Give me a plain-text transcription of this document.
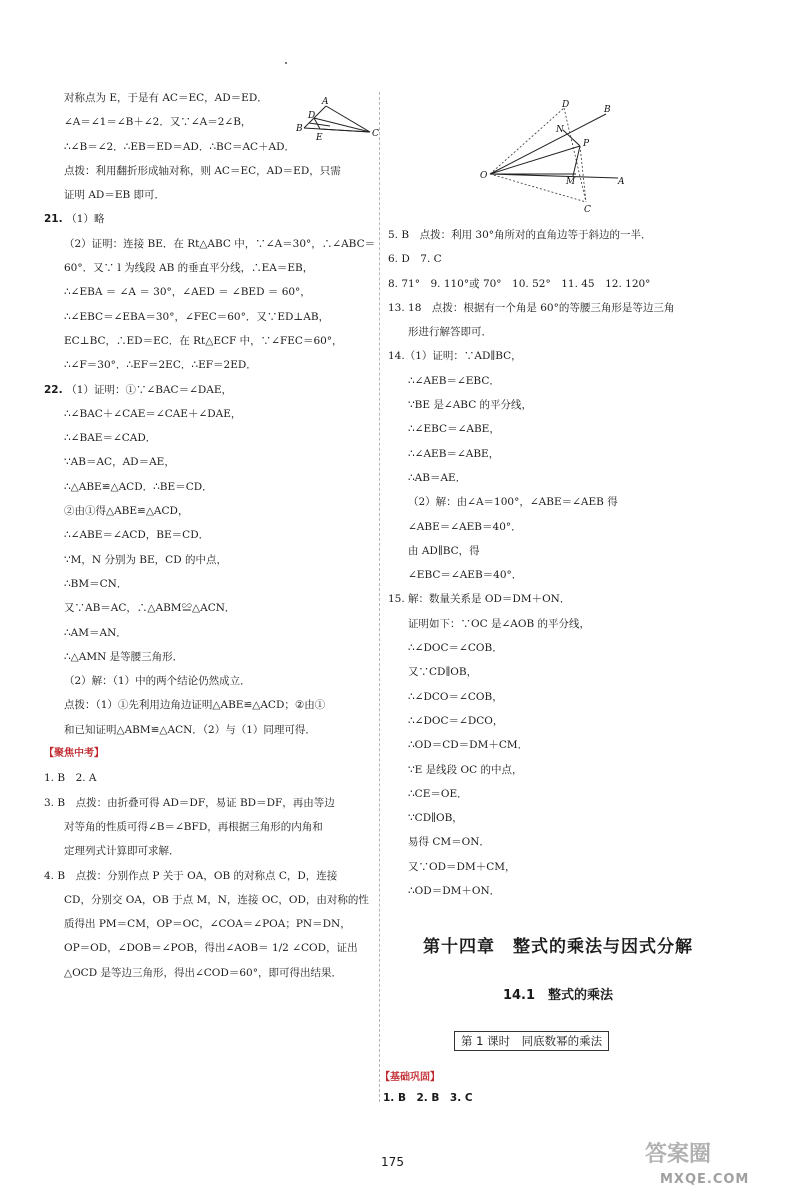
对称点为 E，于是有 AC＝EC，AD＝ED．
∠A＝∠1＝∠B＋∠2．又∵∠A＝2∠B，
∴∠B＝∠2．∴EB＝ED＝AD．∴BC＝AC＋AD．
点拨：利用翻折形成轴对称，则 AC＝EC，AD＝ED，只需
证明 AD＝EB 即可．
21. （1）略
（2）证明：连接 BE．在 Rt△ABC 中，∵∠A＝30°，∴∠ABC＝
60°．又∵ l 为线段 AB 的垂直平分线，∴EA＝EB，
∴∠EBA ＝ ∠A ＝ 30°，∠AED ＝ ∠BED ＝ 60°，
∴∠EBC＝∠EBA＝30°，∠FEC＝60°．又∵ED⊥AB，
EC⊥BC，∴ED＝EC．在 Rt△ECF 中，∵∠FEC＝60°，
∴∠F＝30°．∴EF＝2EC．∴EF＝2ED．
22. （1）证明：①∵∠BAC＝∠DAE，
∴∠BAC＋∠CAE＝∠CAE＋∠DAE，
∴∠BAE＝∠CAD．
∵AB＝AC，AD＝AE，
∴△ABE≌△ACD．∴BE＝CD．
②由①得△ABE≌△ACD，
∴∠ABE＝∠ACD，BE＝CD．
∵M，N 分别为 BE，CD 的中点，
∴BM＝CN．
又∵AB＝AC，∴△ABM≌△ACN．
∴AM＝AN．
∴△AMN 是等腰三角形．
（2）解：（1）中的两个结论仍然成立．
点拨：（1）①先利用边角边证明△ABE≌△ACD；②由①
和已知证明△ABM≌△ACN．（2）与（1）同理可得．
【聚焦中考】
1. B　2. A
3. B　点拨：由折叠可得 AD＝DF，易证 BD＝DF，再由等边
对等角的性质可得∠B＝∠BFD，再根据三角形的内角和
定理列式计算即可求解．
4. B　点拨：分别作点 P 关于 OA，OB 的对称点 C，D，连接
CD，分别交 OA，OB 于点 M，N，连接 OC，OD，由对称的性
质得出 PM＝CM，OP＝OC，∠COA＝∠POA；PN＝DN，
OP＝OD，∠DOB＝∠POB，得出∠AOB＝ 1/2 ∠COD，证出
△OCD 是等边三角形，得出∠COD＝60°，即可得出结果．
5. B　点拨：利用 30°角所对的直角边等于斜边的一半．
6. D　7. C
8. 71°　9. 110°或 70°　10. 52°　11. 45　12. 120°
13. 18　点拨：根据有一个角是 60°的等腰三角形是等边三角
形进行解答即可．
14.（1）证明：∵AD∥BC，
∴∠AEB＝∠EBC．
∵BE 是∠ABC 的平分线，
∴∠EBC＝∠ABE，
∴∠AEB＝∠ABE，
∴AB＝AE．
（2）解：由∠A＝100°，∠ABE＝∠AEB 得
∠ABE＝∠AEB＝40°．
由 AD∥BC，得
∠EBC＝∠AEB＝40°．
15. 解：数量关系是 OD＝DM＋ON．
证明如下：∵OC 是∠AOB 的平分线，
∴∠DOC＝∠COB．
又∵CD∥OB，
∴∠DCO＝∠COB，
∴∠DOC＝∠DCO，
∴OD＝CD＝DM＋CM．
∵E 是线段 OC 的中点，
∴CE＝OE．
∵CD∥OB，
易得 CM＝ON．
又∵OD＝DM＋CM，
∴OD＝DM＋ON．
A
B	C
D
E
O
A
B
C
D
M
N
P
第十四章　整式的乘法与因式分解
14.1　整式的乘法
第 1 课时　同底数幂的乘法
【基础巩固】
1. B　2. B　3. C
175	答案圈
MXQE.COM
